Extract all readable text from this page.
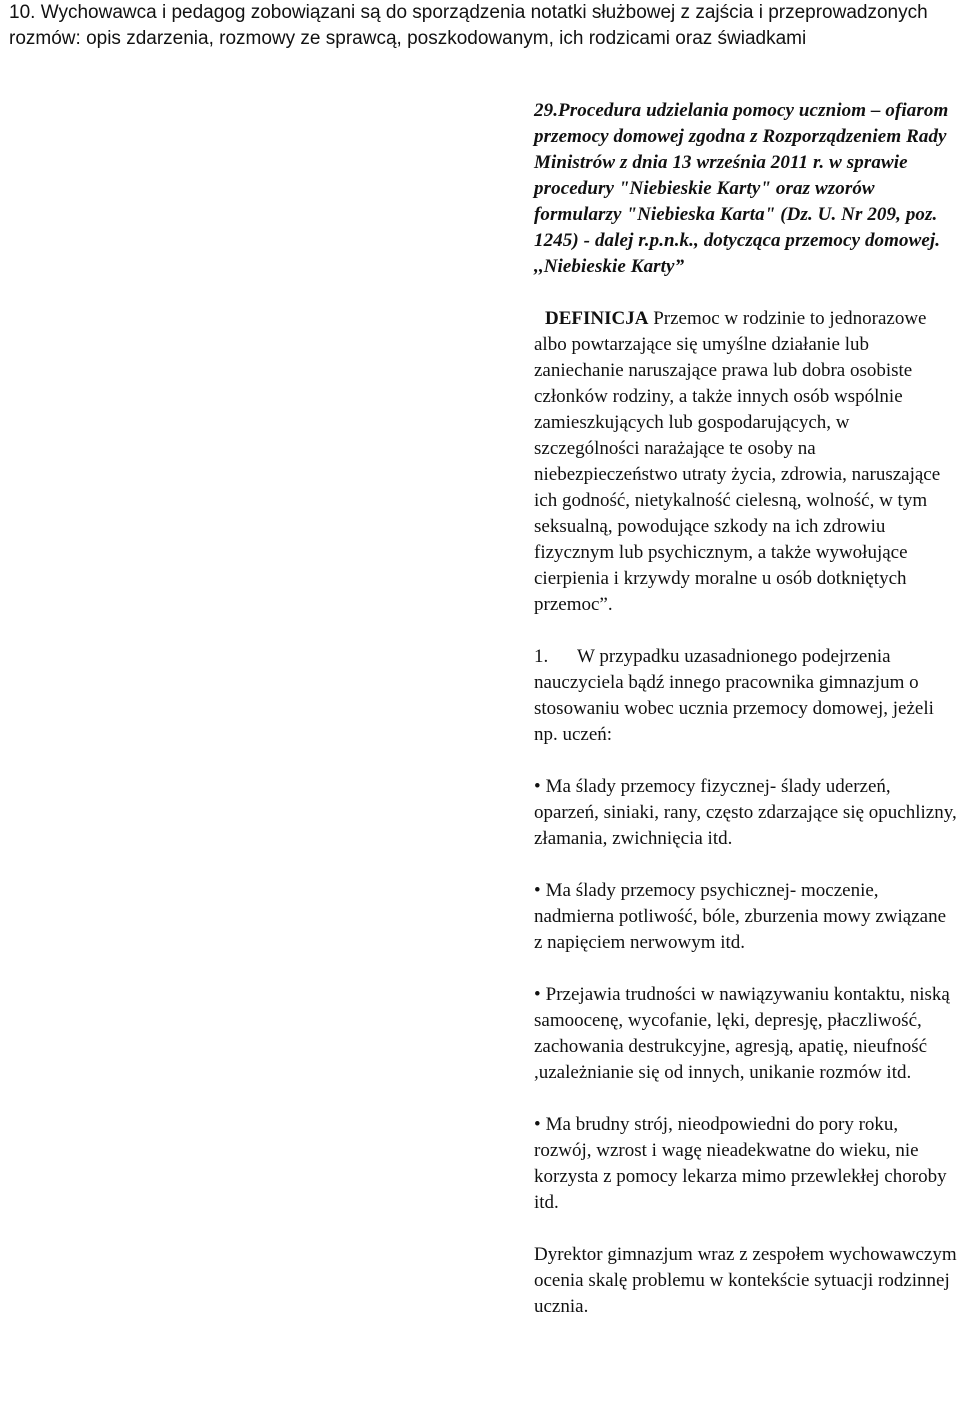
10. Wychowawca i pedagog zobowiązani są do sporządzenia notatki służbowej z zajścia i przeprowadzonych rozmów: opis zdarzenia, rozmowy ze sprawcą, poszkodowanym, ich rodzicami oraz świadkami

29.Procedura udzielania pomocy uczniom – ofiarom przemocy domowej zgodna z Rozporządzeniem Rady Ministrów z dnia 13 września 2011 r. w sprawie procedury "Niebieskie Karty" oraz wzorów formularzy "Niebieska Karta" (Dz. U. Nr 209, poz. 1245) - dalej r.p.n.k., dotycząca przemocy domowej. ,,Niebieskie Karty”

DEFINICJA Przemoc w rodzinie to jednorazowe albo powtarzające się umyślne działanie lub zaniechanie naruszające prawa lub dobra osobiste członków rodziny, a także innych osób wspólnie zamieszkujących lub gospodarujących, w szczególności narażające te osoby na niebezpieczeństwo utraty życia, zdrowia, naruszające ich godność, nietykalność cielesną, wolność, w tym seksualną, powodujące szkody na ich zdrowiu fizycznym lub psychicznym, a także wywołujące cierpienia i krzywdy moralne u osób dotkniętych przemoc”.

1. W przypadku uzasadnionego podejrzenia nauczyciela bądź innego pracownika gimnazjum o stosowaniu wobec ucznia przemocy domowej, jeżeli np. uczeń:

• Ma ślady przemocy fizycznej- ślady uderzeń, oparzeń, siniaki, rany, często zdarzające się opuchlizny, złamania, zwichnięcia itd.

• Ma ślady przemocy psychicznej- moczenie, nadmierna potliwość, bóle, zburzenia mowy związane z napięciem nerwowym itd.

• Przejawia trudności w nawiązywaniu kontaktu, niską samoocenę, wycofanie, lęki, depresję, płaczliwość, zachowania destrukcyjne, agresją, apatię, nieufność ,uzależnianie się od innych, unikanie rozmów itd.

• Ma brudny strój, nieodpowiedni do pory roku, rozwój, wzrost i wagę nieadekwatne do wieku, nie korzysta z pomocy lekarza mimo przewlekłej choroby itd.

Dyrektor gimnazjum wraz z zespołem wychowawczym ocenia skalę problemu w kontekście sytuacji rodzinnej ucznia.
